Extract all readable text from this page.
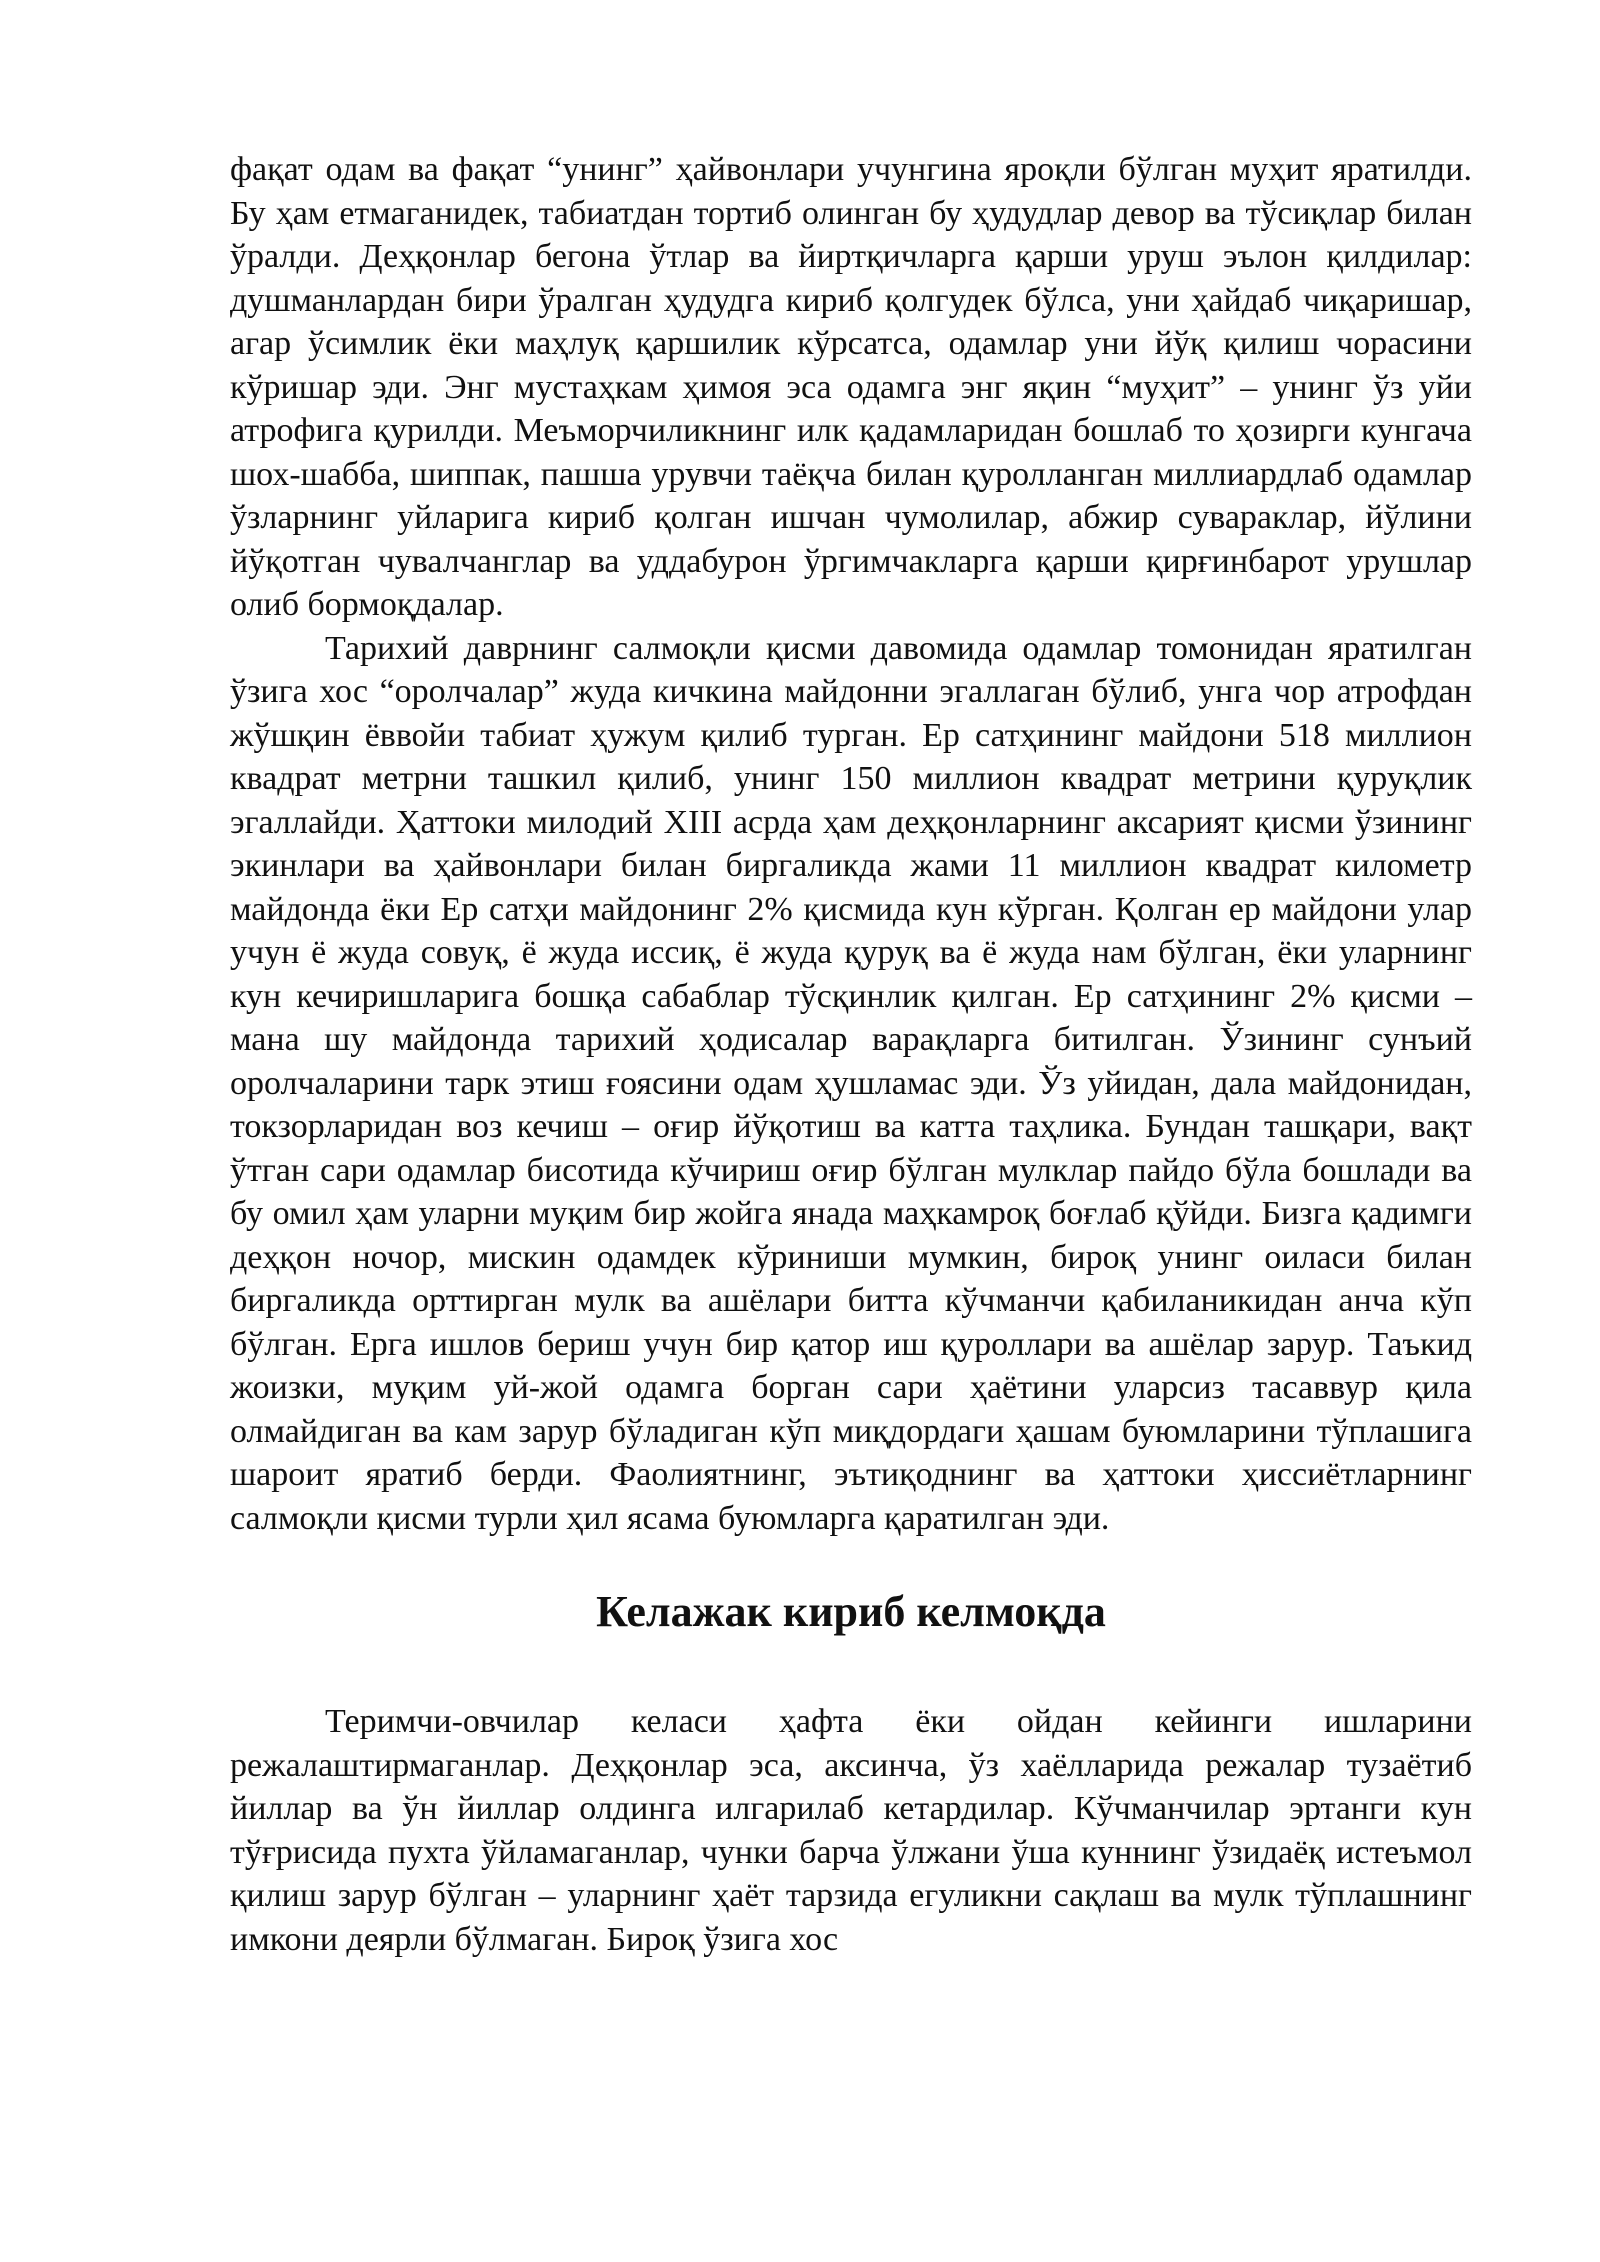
фақат одам ва фақат “унинг” ҳайвонлари учунгина яроқли бўлган муҳит яратилди. Бу ҳам етмаганидек, табиатдан тортиб олинган бу ҳудудлар девор ва тўсиқлар билан ўралди. Деҳқонлар бегона ўтлар ва йиртқичларга қарши уруш эълон қилдилар: душманлардан бири ўралган ҳудудга кириб қолгудек бўлса, уни ҳайдаб чиқаришар, агар ўсимлик ёки маҳлуқ қаршилик кўрсатса, одамлар уни йўқ қилиш чорасини кўришар эди. Энг мустаҳкам ҳимоя эса одамга энг яқин “муҳит” – унинг ўз уйи атрофига қурилди. Меъморчиликнинг илк қадамларидан бошлаб то ҳозирги кунгача шох-шабба, шиппак, пашша урувчи таёқча билан қуролланган миллиардлаб одамлар ўзларнинг уйларига кириб қолган ишчан чумолилар, абжир сувараклар, йўлини йўқотган чувалчанглар ва уддабурон ўргимчакларга қарши қирғинбарот урушлар олиб бормоқдалар.

Тарихий даврнинг салмоқли қисми давомида одамлар томонидан яратилган ўзига хос “оролчалар” жуда кичкина майдонни эгаллаган бўлиб, унга чор атрофдан жўшқин ёввойи табиат ҳужум қилиб турган. Ер сатҳининг майдони 518 миллион квадрат метрни ташкил қилиб, унинг 150 миллион квадрат метрини қуруқлик эгаллайди. Ҳаттоки милодий XIII асрда ҳам деҳқонларнинг аксарият қисми ўзининг экинлари ва ҳайвонлари билан биргаликда жами 11 миллион квадрат километр майдонда ёки Ер сатҳи майдонинг 2% қисмида кун кўрган. Қолган ер майдони улар учун ё жуда совуқ, ё жуда иссиқ, ё жуда қуруқ ва ё жуда нам бўлган, ёки уларнинг кун кечиришларига бошқа сабаблар тўсқинлик қилган. Ер сатҳининг 2% қисми – мана шу майдонда тарихий ҳодисалар варақларга битилган. Ўзининг сунъий оролчаларини тарк этиш ғоясини одам ҳушламас эди. Ўз уйидан, дала майдонидан, токзорларидан воз кечиш – оғир йўқотиш ва катта таҳлика. Бундан ташқари, вақт ўтган сари одамлар бисотида кўчириш оғир бўлган мулклар пайдо бўла бошлади ва бу омил ҳам уларни муқим бир жойга янада маҳкамроқ боғлаб қўйди. Бизга қадимги деҳқон ночор, мискин одамдек кўриниши мумкин, бироқ унинг оиласи билан биргаликда орттирган мулк ва ашёлари битта кўчманчи қабиланикидан анча кўп бўлган. Ерга ишлов бериш учун бир қатор иш қуроллари ва ашёлар зарур. Таъкид жоизки, муқим уй-жой одамга борган сари ҳаётини уларсиз тасаввур қила олмайдиган ва кам зарур бўладиган кўп миқдордаги ҳашам буюмларини тўплашига шароит яратиб берди. Фаолиятнинг, эътиқоднинг ва ҳаттоки ҳиссиётларнинг салмоқли қисми турли ҳил ясама буюмларга қаратилган эди.

Келажак кириб келмоқда

Теримчи-овчилар келаси ҳафта ёки ойдан кейинги ишларини режалаштирмаганлар. Деҳқонлар эса, аксинча, ўз хаёлларида режалар тузаётиб йиллар ва ўн йиллар олдинга илгарилаб кетардилар. Кўчманчилар эртанги кун тўғрисида пухта ўйламаганлар, чунки барча ўлжани ўша куннинг ўзидаёқ истеъмол қилиш зарур бўлган – уларнинг ҳаёт тарзида егуликни сақлаш ва мулк тўплашнинг имкони деярли бўлмаган. Бироқ ўзига хос
